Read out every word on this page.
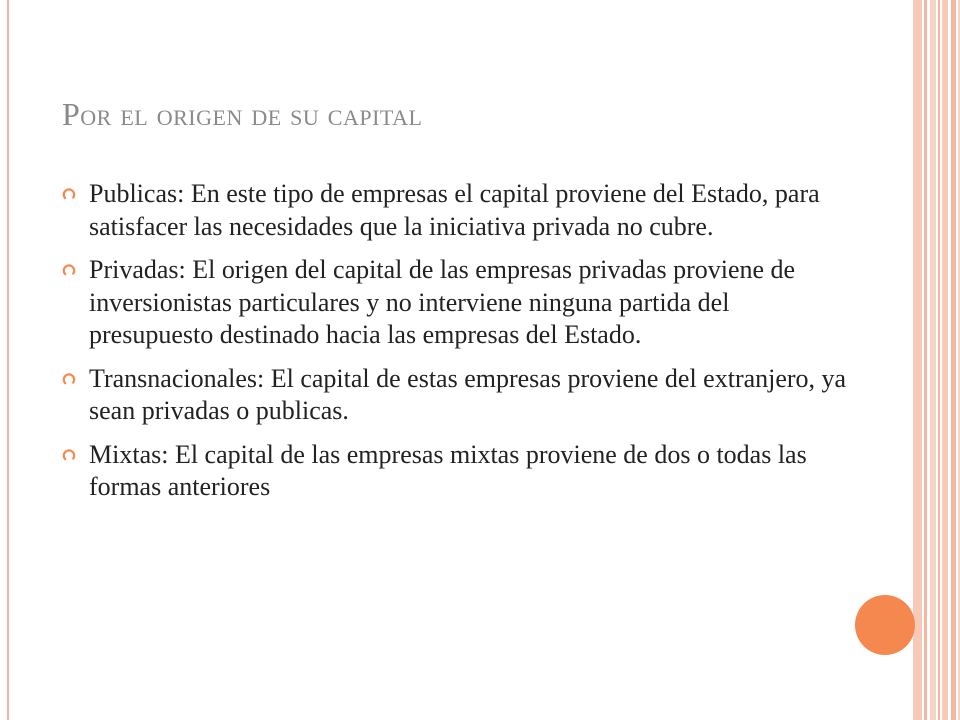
Por el origen de su capital
Publicas: En este tipo de empresas el capital proviene del Estado, para satisfacer las necesidades que la iniciativa privada no cubre.
Privadas: El origen del capital de las empresas privadas proviene de inversionistas particulares y no interviene ninguna partida del presupuesto destinado hacia las empresas del Estado.
Transnacionales: El capital de estas empresas proviene del extranjero, ya sean privadas o publicas.
Mixtas: El capital de las empresas mixtas proviene de dos o todas las formas anteriores
